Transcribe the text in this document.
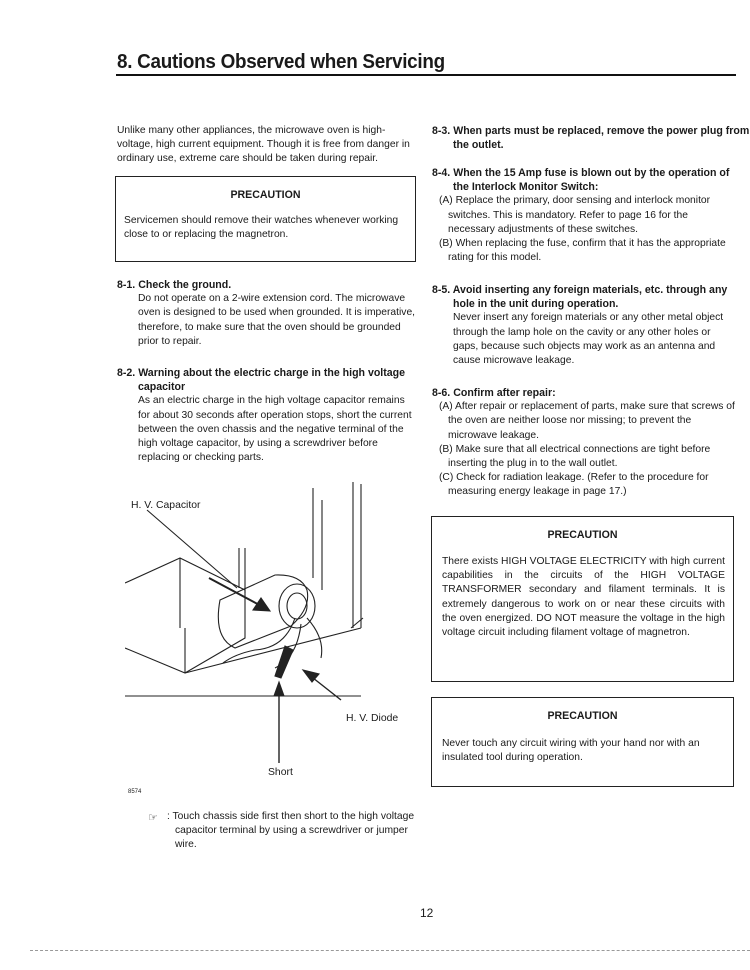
8. Cautions Observed when Servicing
Unlike many other appliances, the microwave oven is high-voltage, high current equipment. Though it is free from danger in ordinary use, extreme care should be taken during repair.
PRECAUTION
Servicemen should remove their watches whenever working close to or replacing the magnetron.
8-1. Check the ground.
Do not operate on a 2-wire extension cord. The microwave oven is designed to be used when grounded. It is imperative, therefore, to make sure that the oven should be grounded prior to repair.
8-2. Warning about the electric charge in the high voltage capacitor
As an electric charge in the high voltage capacitor remains for about 30 seconds after operation stops, short the current between the oven chassis and the negative terminal of the high voltage capacitor, by using a screwdriver before replacing or checking parts.
H. V. Capacitor
H. V. Diode
Short
8574
☞ : Touch chassis side first then short to the high voltage capacitor terminal by using a screwdriver or jumper wire.
8-3. When parts must be replaced, remove the power plug from the outlet.
8-4. When the 15 Amp fuse is blown out by the operation of the Interlock Monitor Switch:
(A) Replace the primary, door sensing and interlock monitor switches. This is mandatory. Refer to page 16 for the necessary adjustments of these switches.
(B) When replacing the fuse, confirm that it has the appropriate rating for this model.
8-5. Avoid inserting any foreign materials, etc. through any hole in the unit during operation.
Never insert any foreign materials or any other metal object through the lamp hole on the cavity or any other holes or gaps, because such objects may work as an antenna and cause microwave leakage.
8-6. Confirm after repair:
(A) After repair or replacement of parts, make sure that screws of the oven are neither loose nor missing; to prevent the microwave leakage.
(B) Make sure that all electrical connections are tight before inserting the plug in to the wall outlet.
(C) Check for radiation leakage. (Refer to the procedure for measuring energy leakage in page 17.)
PRECAUTION
There exists HIGH VOLTAGE ELECTRICITY with high current capabilities in the circuits of the HIGH VOLTAGE TRANSFORMER secondary and filament terminals. It is extremely dangerous to work on or near these circuits with the oven energized. DO NOT measure the voltage in the high voltage circuit including filament voltage of magnetron.
PRECAUTION
Never touch any circuit wiring with your hand nor with an insulated tool during operation.
12
